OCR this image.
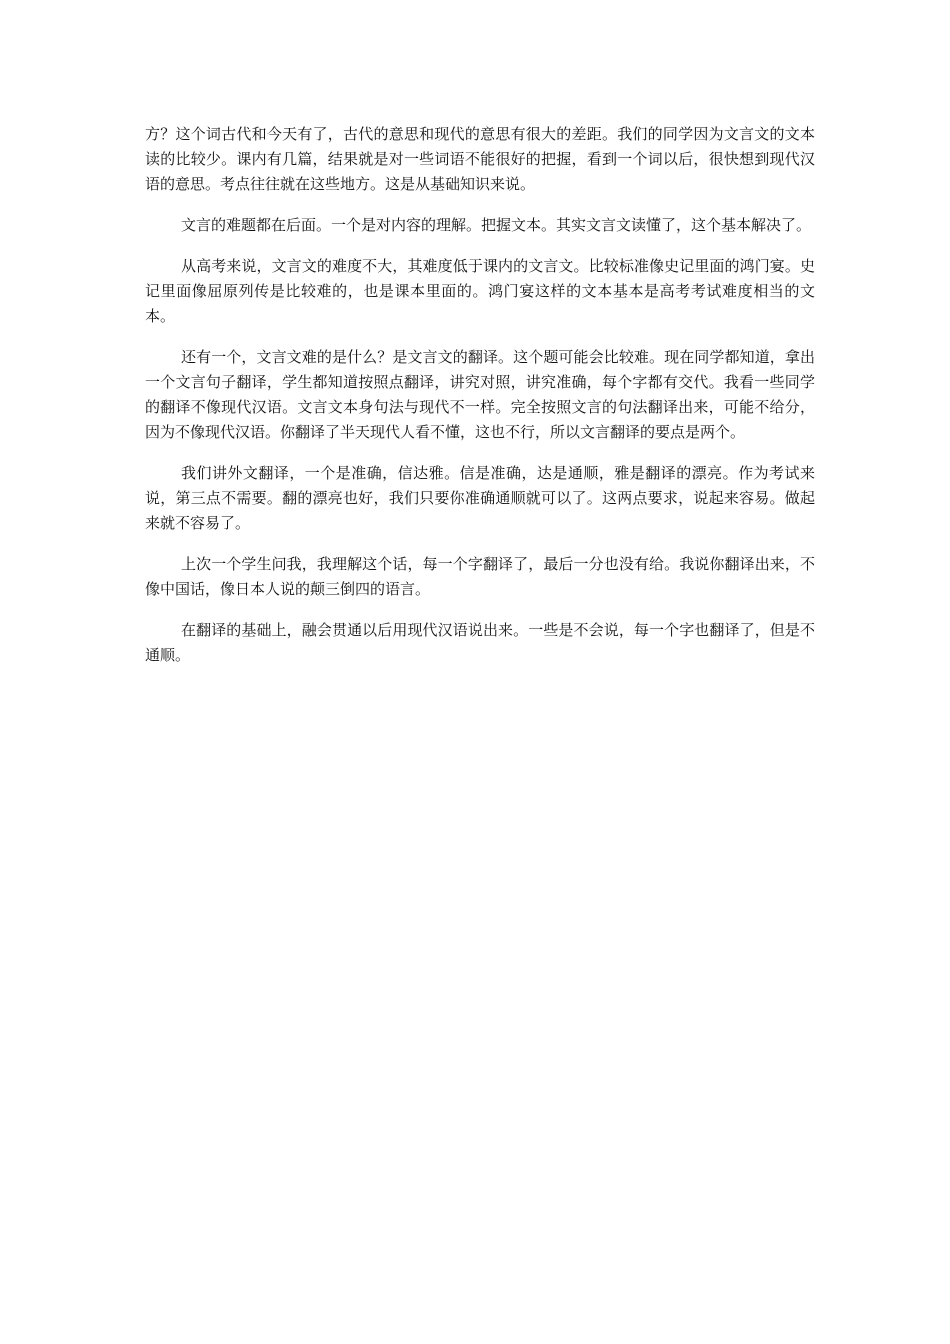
方？这个词古代和今天有了，古代的意思和现代的意思有很大的差距。我们的同学因为文言文的文本读的比较少。课内有几篇，结果就是对一些词语不能很好的把握，看到一个词以后，很快想到现代汉语的意思。考点往往就在这些地方。这是从基础知识来说。

文言的难题都在后面。一个是对内容的理解。把握文本。其实文言文读懂了，这个基本解决了。

从高考来说，文言文的难度不大，其难度低于课内的文言文。比较标准像史记里面的鸿门宴。史记里面像屈原列传是比较难的，也是课本里面的。鸿门宴这样的文本基本是高考考试难度相当的文本。

还有一个，文言文难的是什么？是文言文的翻译。这个题可能会比较难。现在同学都知道，拿出一个文言句子翻译，学生都知道按照点翻译，讲究对照，讲究准确，每个字都有交代。我看一些同学的翻译不像现代汉语。文言文本身句法与现代不一样。完全按照文言的句法翻译出来，可能不给分，因为不像现代汉语。你翻译了半天现代人看不懂，这也不行，所以文言翻译的要点是两个。

我们讲外文翻译，一个是准确，信达雅。信是准确，达是通顺，雅是翻译的漂亮。作为考试来说，第三点不需要。翻的漂亮也好，我们只要你准确通顺就可以了。这两点要求，说起来容易。做起来就不容易了。

上次一个学生问我，我理解这个话，每一个字翻译了，最后一分也没有给。我说你翻译出来，不像中国话，像日本人说的颠三倒四的语言。

在翻译的基础上，融会贯通以后用现代汉语说出来。一些是不会说，每一个字也翻译了，但是不通顺。
